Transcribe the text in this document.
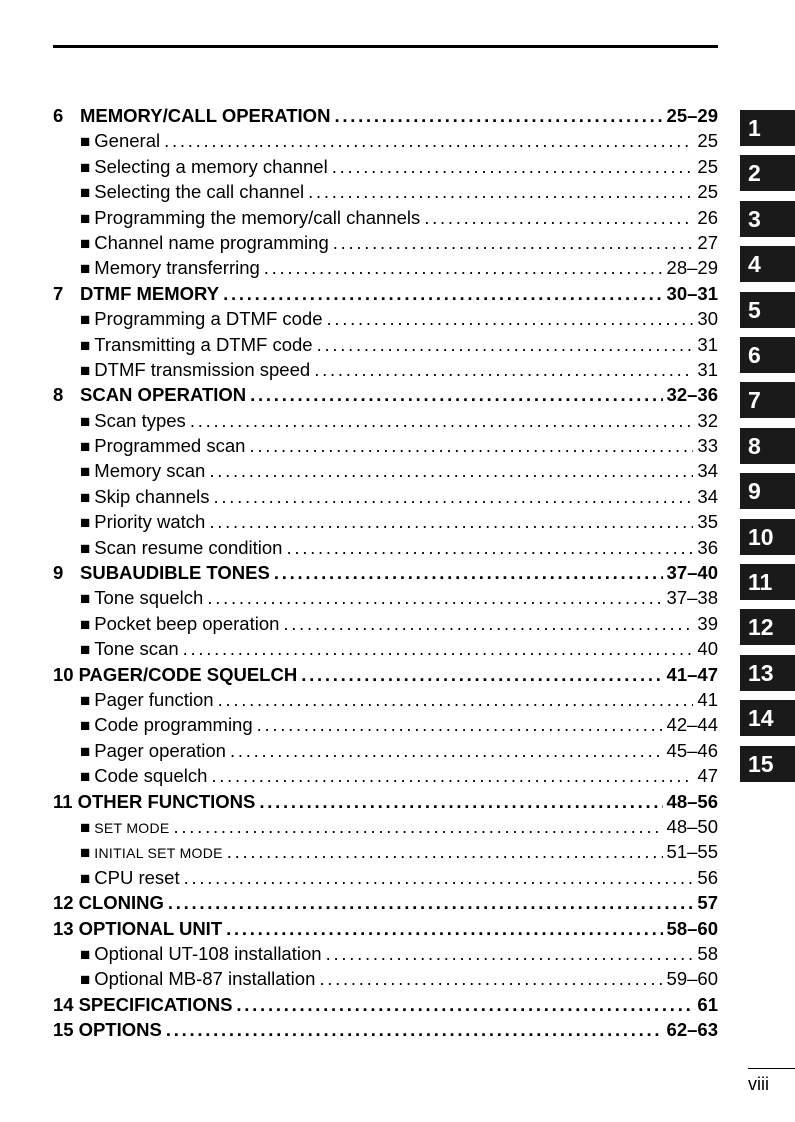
6 MEMORY/CALL OPERATION . . .	25–29
■ General . . .	25
■ Selecting a memory channel . . .	25
■ Selecting the call channel . . .	25
■ Programming the memory/call channels . . .	26
■ Channel name programming . . .	27
■ Memory transferring . . .	28–29
7 DTMF MEMORY . . .	30–31
■ Programming a DTMF code . . .	30
■ Transmitting a DTMF code . . .	31
■ DTMF transmission speed . . .	31
8 SCAN OPERATION . . .	32–36
■ Scan types . . .	32
■ Programmed scan . . .	33
■ Memory scan . . .	34
■ Skip channels . . .	34
■ Priority watch . . .	35
■ Scan resume condition . . .	36
9 SUBAUDIBLE TONES . . .	37–40
■ Tone squelch . . .	37–38
■ Pocket beep operation . . .	39
■ Tone scan . . .	40
10 PAGER/CODE SQUELCH . . .	41–47
■ Pager function . . .	41
■ Code programming . . .	42–44
■ Pager operation . . .	45–46
■ Code squelch . . .	47
11 OTHER FUNCTIONS . . .	48–56
■ SET MODE . . .	48–50
■ INITIAL SET MODE . . .	51–55
■ CPU reset . . .	56
12 CLONING . . .	57
13 OPTIONAL UNIT . . .	58–60
■ Optional UT-108 installation . . .	58
■ Optional MB-87 installation . . .	59–60
14 SPECIFICATIONS . . .	61
15 OPTIONS . . .	62–63
1
2
3
4
5
6
7
8
9
10
11
12
13
14
15
viii
